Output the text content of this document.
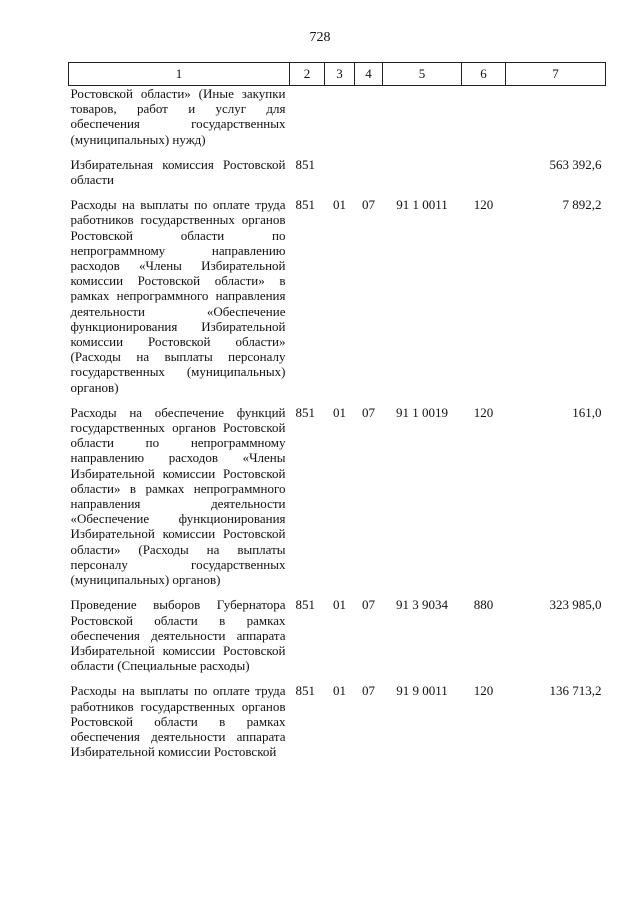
728
1	2	3	4	5	6	7
Ростовской области» (Иные закупки товаров, работ и услуг для обеспечения государственных (муниципальных) нужд)						
Избирательная комиссия Ростовской области	851					563 392,6
Расходы на выплаты по оплате труда работников государственных органов Ростовской области по непрограммному направлению расходов «Члены Избирательной комиссии Ростовской области» в рамках непрограммного направления деятельности «Обеспечение функционирования Избирательной комиссии Ростовской области» (Расходы на выплаты персоналу государственных (муниципальных) органов)	851	01	07	91 1 0011	120	7 892,2
Расходы на обеспечение функций государственных органов Ростовской области по непрограммному направлению расходов «Члены Избирательной комиссии Ростовской области» в рамках непрограммного направления деятельности «Обеспечение функционирования Избирательной комиссии Ростовской области» (Расходы на выплаты персоналу государственных (муниципальных) органов)	851	01	07	91 1 0019	120	161,0
Проведение выборов Губернатора Ростовской области в рамках обеспечения деятельности аппарата Избирательной комиссии Ростовской области (Специальные расходы)	851	01	07	91 3 9034	880	323 985,0
Расходы на выплаты по оплате труда работников государственных органов Ростовской области в рамках обеспечения деятельности аппарата Избирательной комиссии Ростовской	851	01	07	91 9 0011	120	136 713,2
